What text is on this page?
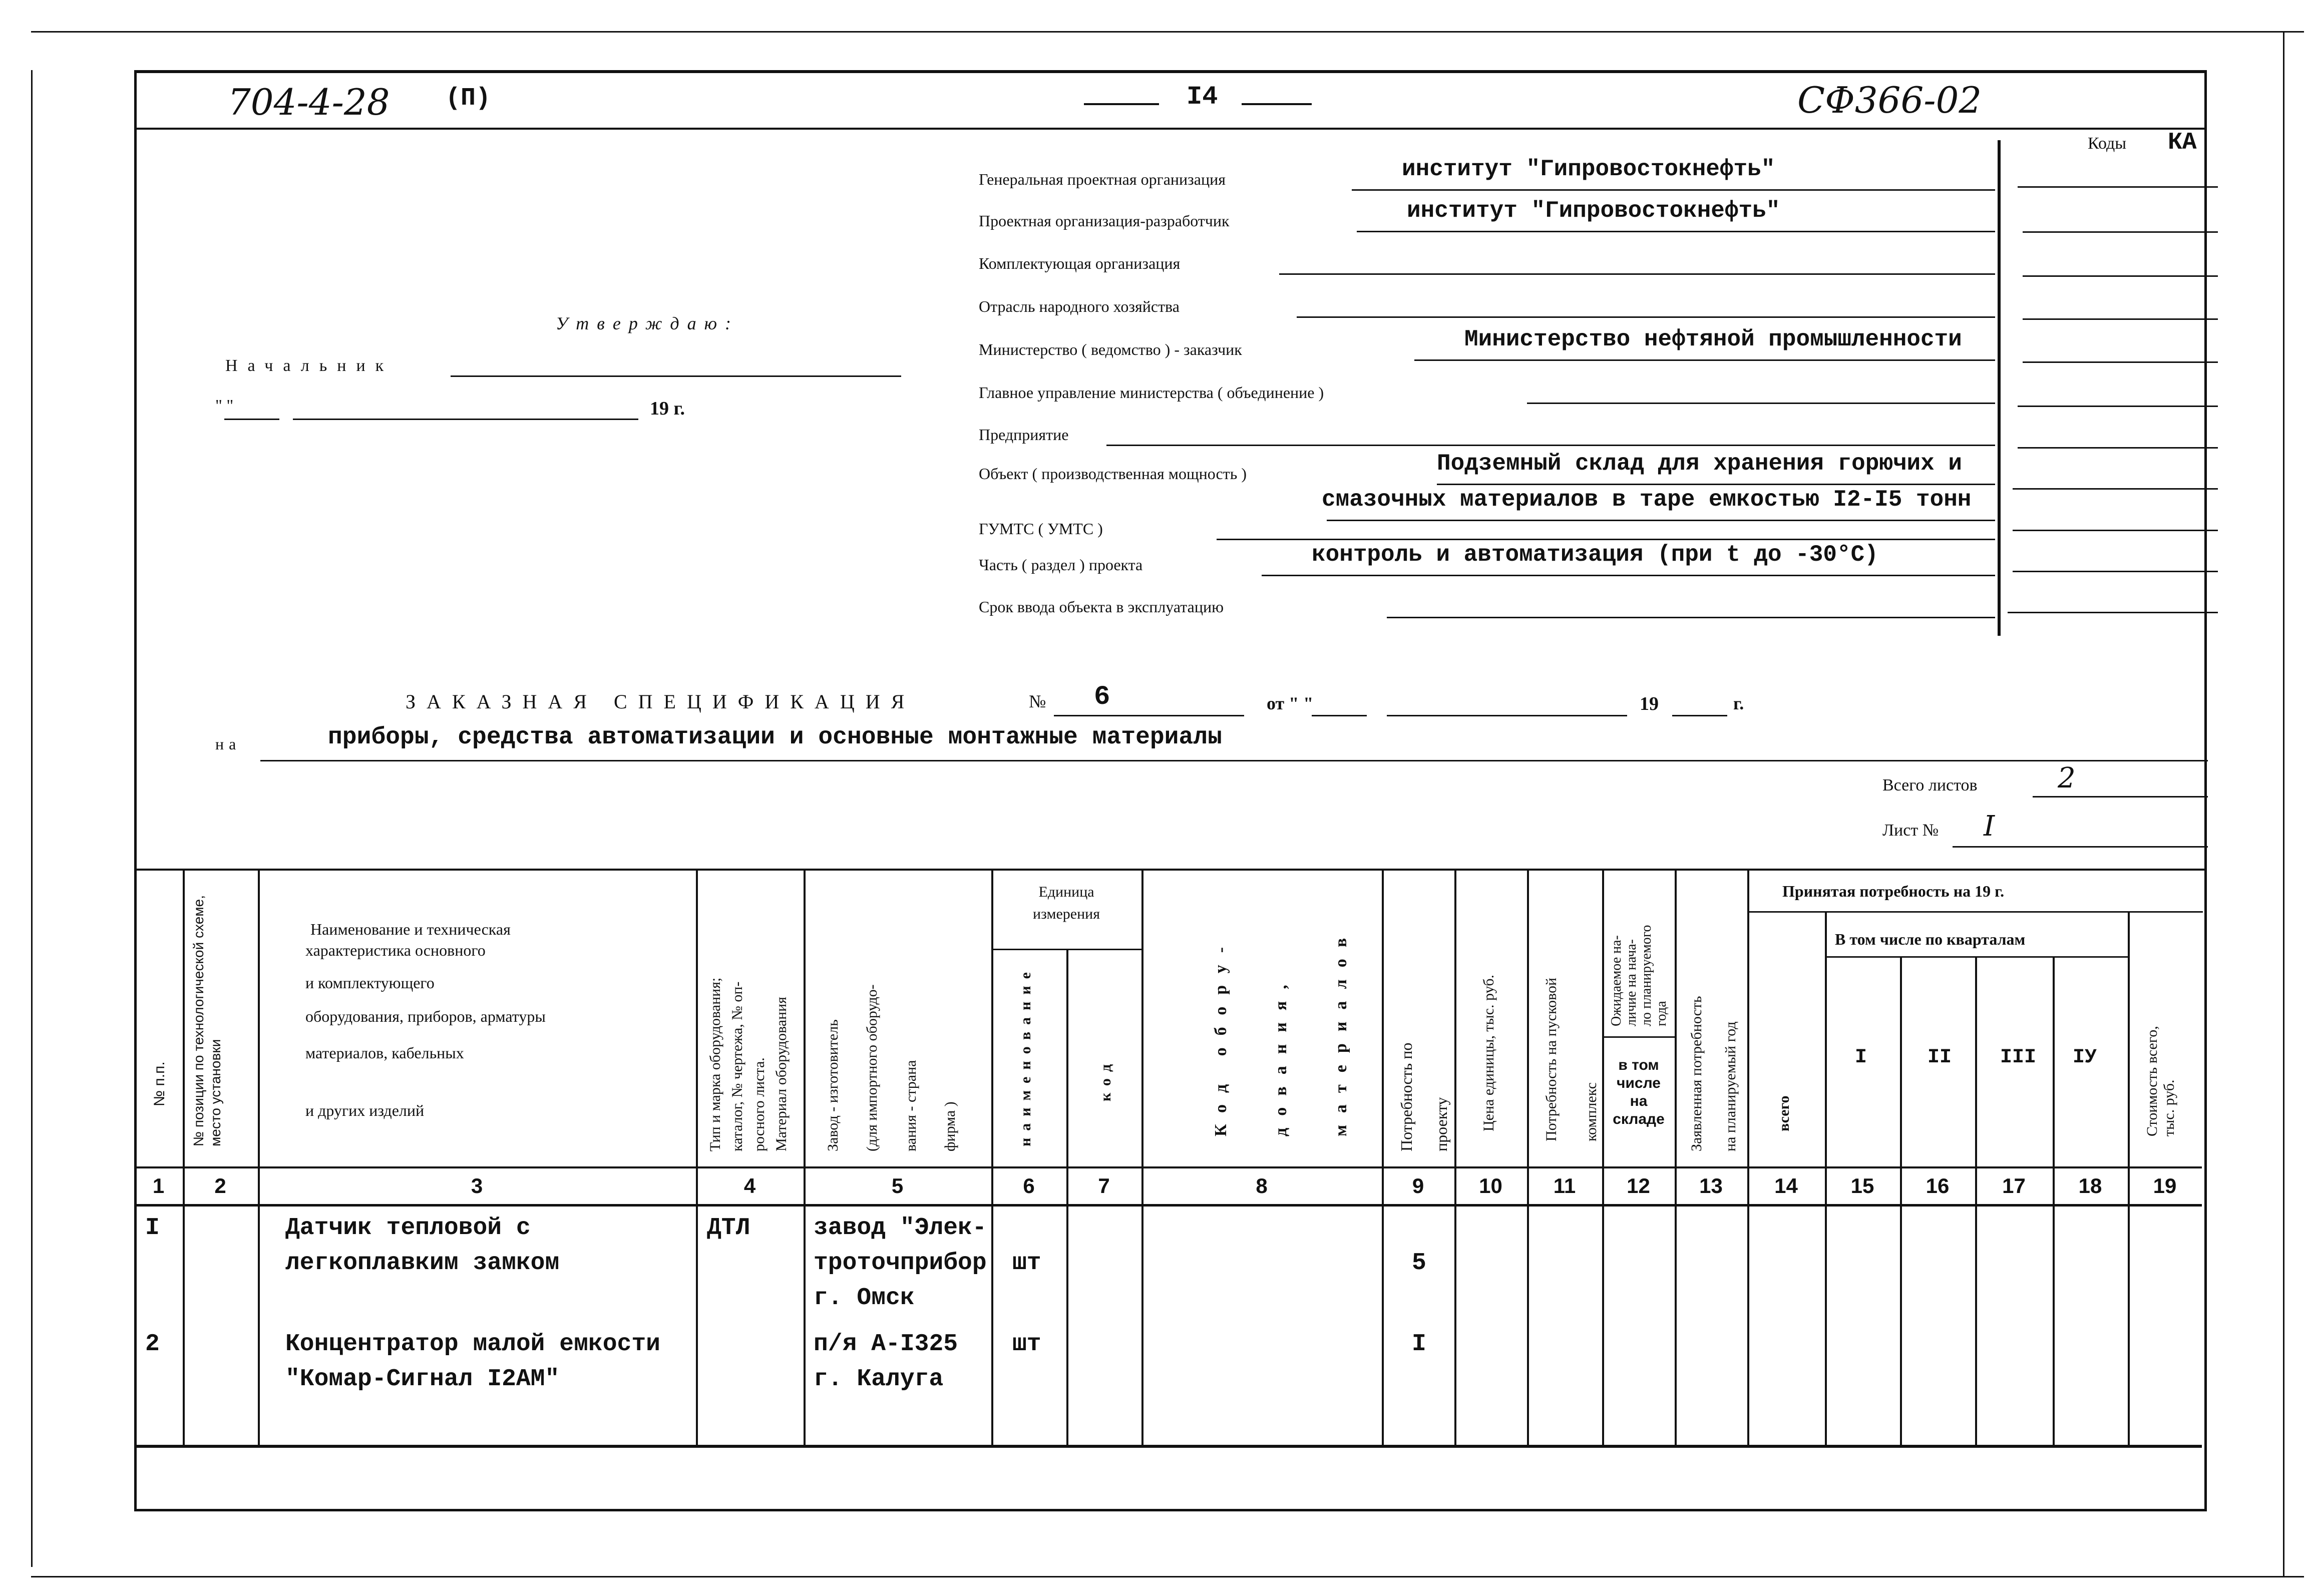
704-4-28 (П)	I4	СФ366-02
Коды КА
Утверждаю:
Начальник
" "	19 г.
Генеральная проектная организация	институт "Гипровостокнефть"
Проектная организация-разработчик	институт "Гипровостокнефть"
Комплектующая организация
Отрасль народного хозяйства
Министерство ( ведомство ) - заказчик	Министерство нефтяной промышленности
Главное управление министерства ( объединение )
Предприятие
Объект ( производственная мощность )	Подземный склад для хранения горючих и
смазочных материалов в таре емкостью I2-I5 тонн
ГУМТС ( УМТС )
Часть ( раздел ) проекта	контроль и автоматизация (при t до -30°С)
Срок ввода объекта в эксплуатацию
ЗАКАЗНАЯ СПЕЦИФИКАЦИЯ	№ 6	от " "	19	г.
на	приборы, средства автоматизации и основные монтажные материалы
Всего листов	2
Лист № I
№ п.п. № позиции по технологической схеме, место установки
Наименование и техническая
характеристика основного
и комплектующего
оборудования, приборов, арматуры
материалов, кабельных
и других изделий	Тип и марка оборудования; каталог, № чертежа, № оп- росного листа. Материал оборудования Завод - изготовитель (для импортного оборудо- вания - страна фирма )
Единица измерения
наименование	код	Код обору- дования, материалов	Потребность по проекту Цена единицы, тыс. руб.	Потребность на пусковой комплекс
Ожидаемое на- личие на нача- ло планируемого года
в том числе на складе	Заявленная потребность на планируемый год
Принятая потребность на 19 г.
всего
В том числе по кварталам
I	II III IУ	Стоимость всего, тыс. руб.
1	2	3	4	5	6	7	8	9	10	11	12	13	14	15	16	17	18	19
I	Датчик тепловой с
легкоплавким замком
ДТЛ	завод "Элек-
троточприбор
г. Омск
шт	5
2	Концентратор малой емкости
"Комар-Сигнал I2АМ"
п/я А-I325
г. Калуга
шт	I
